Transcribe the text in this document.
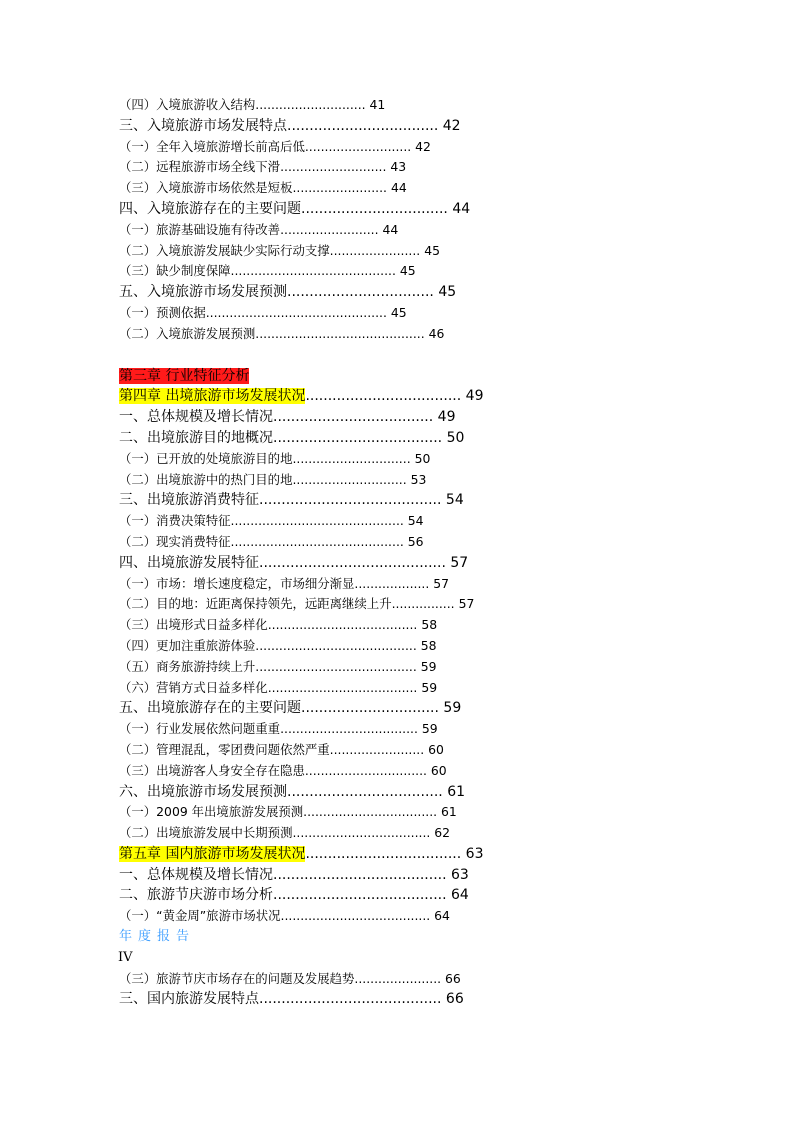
（四）入境旅游收入结构............................ 41
三、入境旅游市场发展特点.................................. 42
（一）全年入境旅游增长前高后低........................... 42
（二）远程旅游市场全线下滑........................... 43
（三）入境旅游市场依然是短板........................ 44
四、入境旅游存在的主要问题................................. 44
（一）旅游基础设施有待改善......................... 44
（二）入境旅游发展缺少实际行动支撑....................... 45
（三）缺少制度保障.......................................... 45
五、入境旅游市场发展预测................................. 45
（一）预测依据.............................................. 45
（二）入境旅游发展预测........................................... 46
第三章 行业特征分析
第四章 出境旅游市场发展状况................................... 49
一、总体规模及增长情况.................................... 49
二、出境旅游目的地概况...................................... 50
（一）已开放的处境旅游目的地.............................. 50
（二）出境旅游中的热门目的地............................. 53
三、出境旅游消费特征......................................... 54
（一）消费决策特征............................................ 54
（二）现实消费特征............................................ 56
四、出境旅游发展特征.......................................... 57
（一）市场：增长速度稳定，市场细分渐显................... 57
（二）目的地：近距离保持领先，远距离继续上升................ 57
（三）出境形式日益多样化...................................... 58
（四）更加注重旅游体验......................................... 58
（五）商务旅游持续上升......................................... 59
（六）营销方式日益多样化...................................... 59
五、出境旅游存在的主要问题............................... 59
（一）行业发展依然问题重重................................... 59
（二）管理混乱，零团费问题依然严重........................ 60
（三）出境游客人身安全存在隐患............................... 60
六、出境旅游市场发展预测................................... 61
（一）2009 年出境旅游发展预测.................................. 61
（二）出境旅游发展中长期预测................................... 62
第五章 国内旅游市场发展状况................................... 63
一、总体规模及增长情况....................................... 63
二、旅游节庆游市场分析....................................... 64
（一）“黄金周”旅游市场状况...................................... 64
年度报告
IV
（三）旅游节庆市场存在的问题及发展趋势...................... 66
三、国内旅游发展特点......................................... 66
